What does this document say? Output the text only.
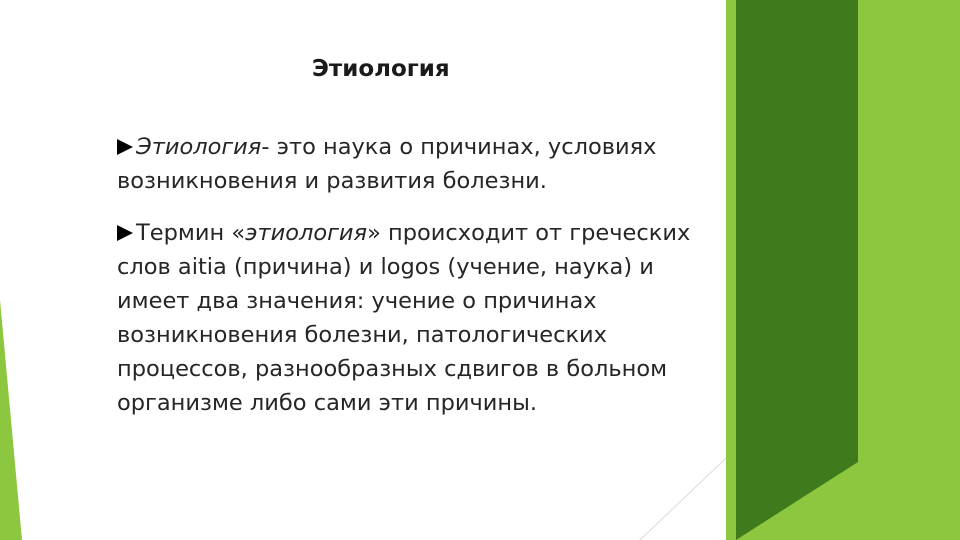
Этиология

Этиология- это наука о причинах, условиях возникновения и развития болезни.

Термин «этиология» происходит от греческих слов aitia (причина) и logos (учение, наука) и имеет два значения: учение о причинах возникновения болезни, патологических процессов, разнообразных сдвигов в больном организме либо сами эти причины.
